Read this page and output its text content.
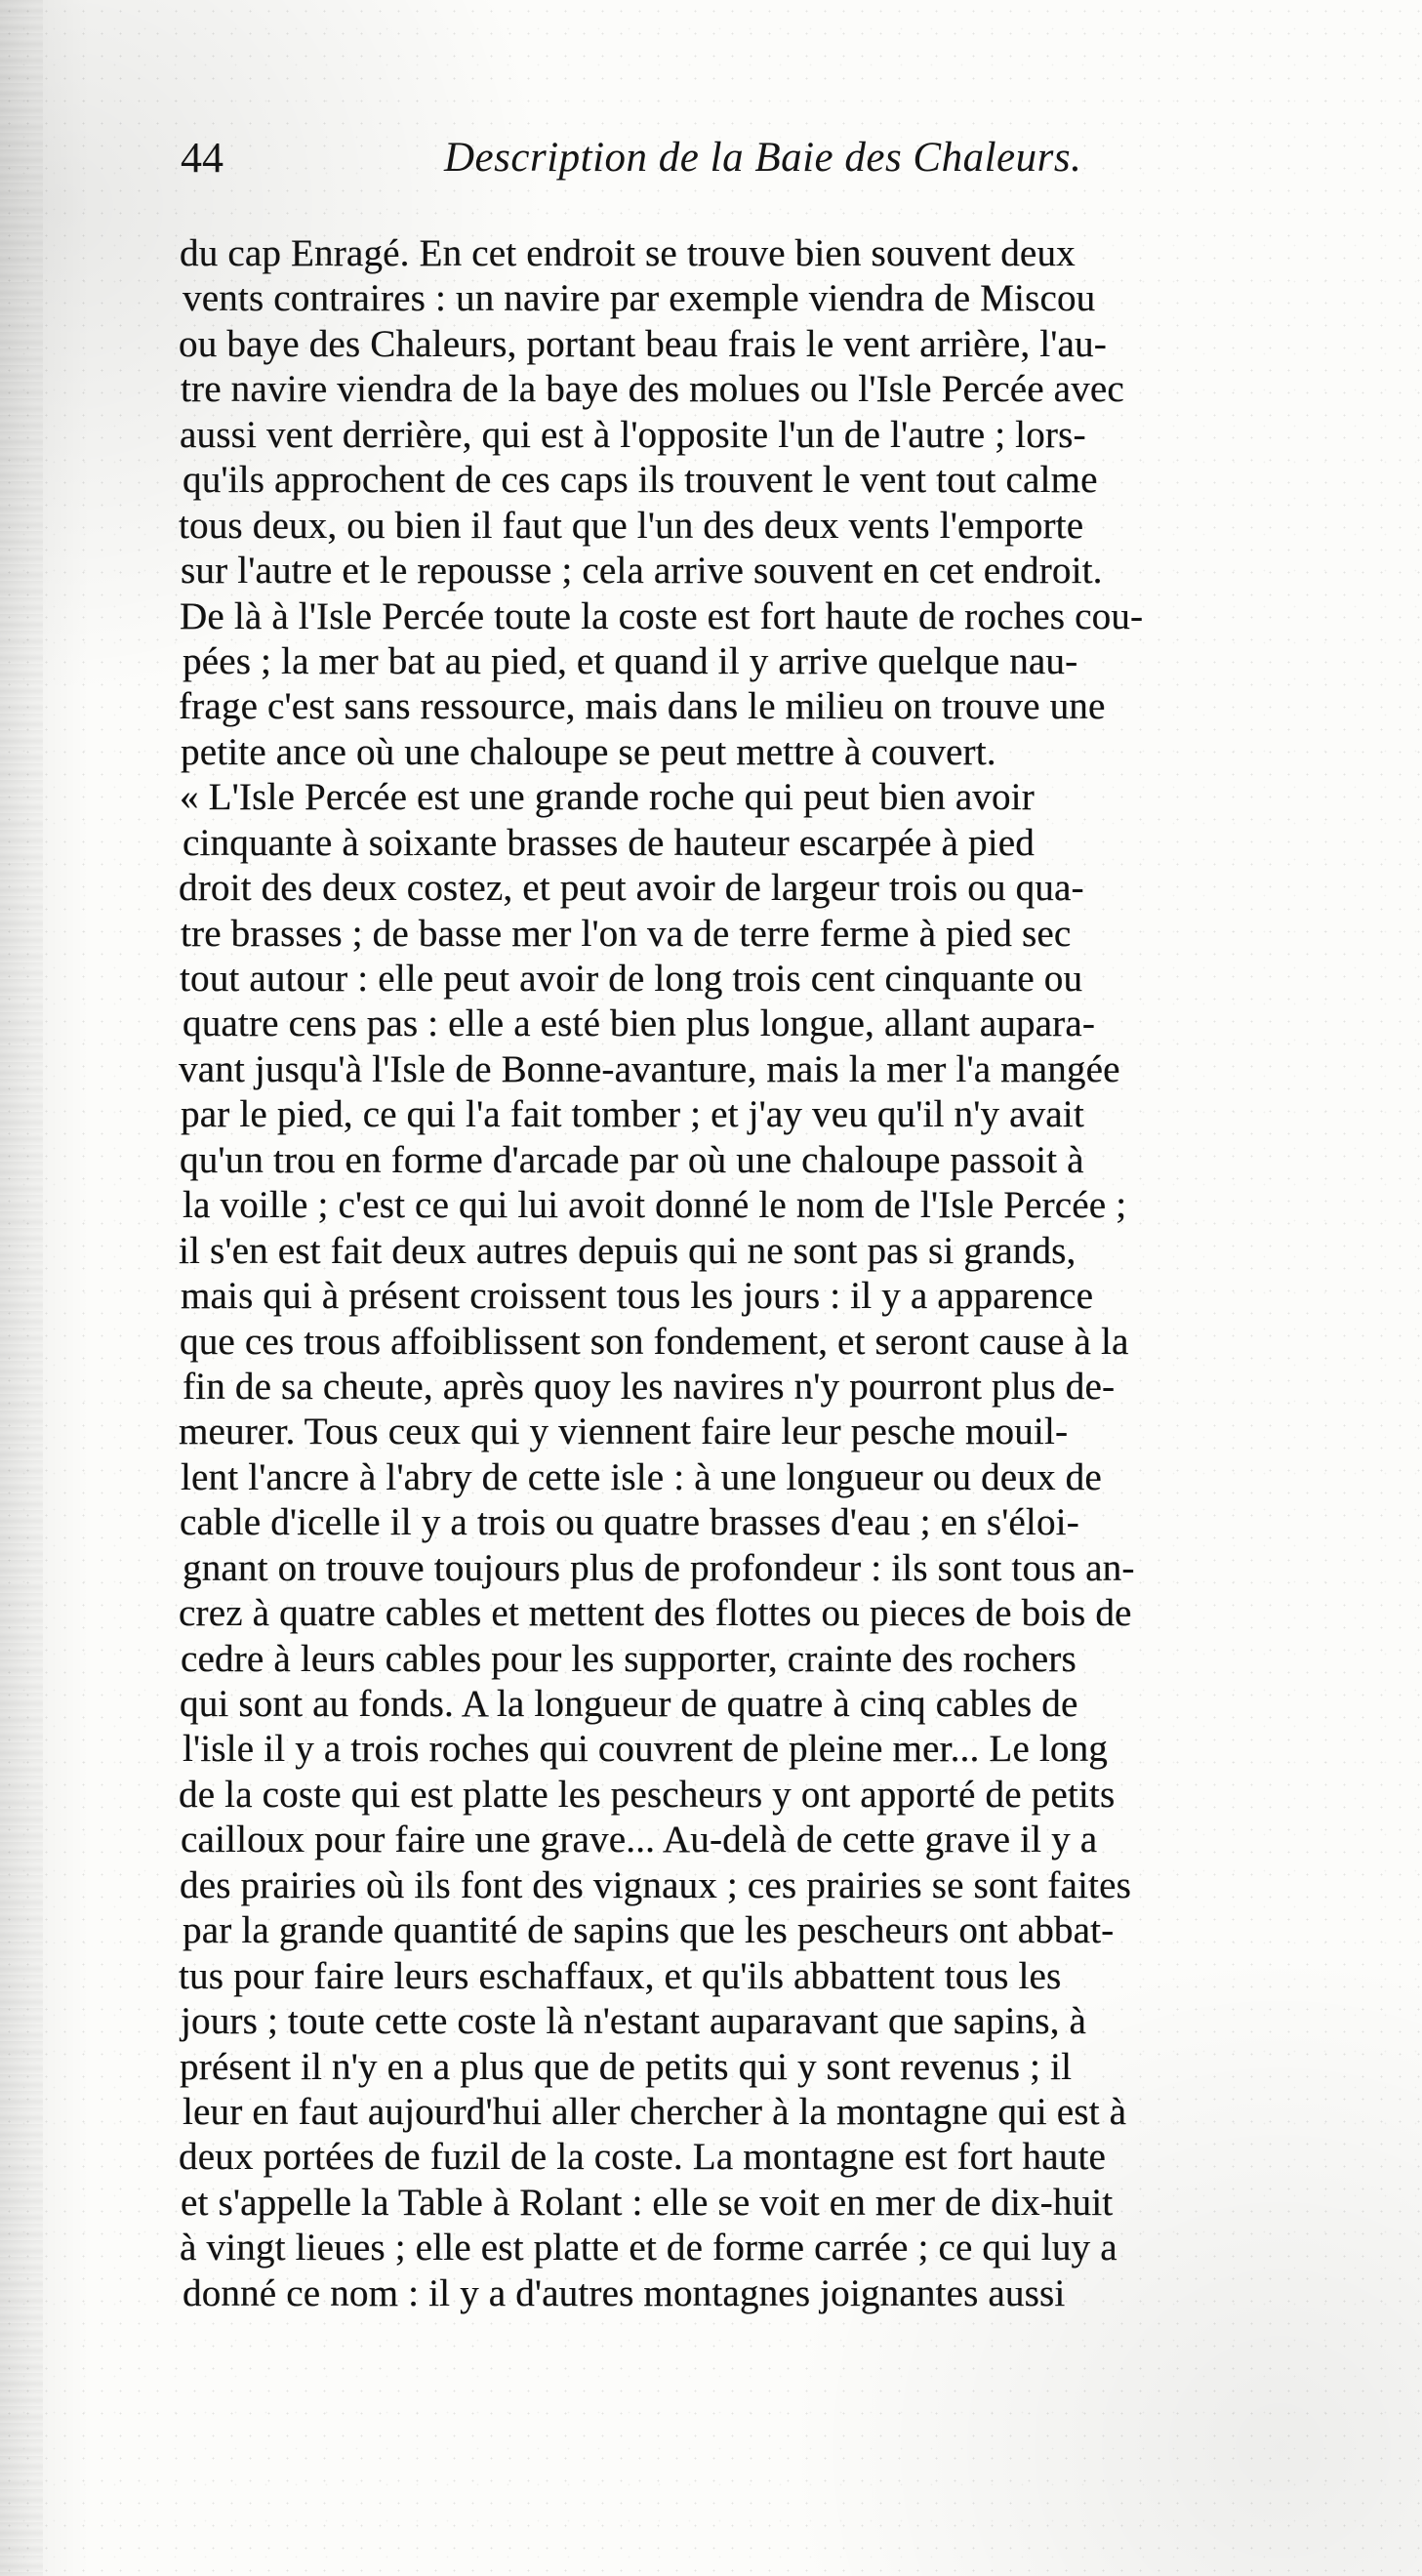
44	Description de la Baie des Chaleurs.
du cap Enragé. En cet endroit se trouve bien souvent deux
vents contraires : un navire par exemple viendra de Miscou
ou baye des Chaleurs, portant beau frais le vent arrière, l'au-
tre navire viendra de la baye des molues ou l'Isle Percée avec
aussi vent derrière, qui est à l'opposite l'un de l'autre ; lors-
qu'ils approchent de ces caps ils trouvent le vent tout calme
tous deux, ou bien il faut que l'un des deux vents l'emporte
sur l'autre et le repousse ; cela arrive souvent en cet endroit.
De là à l'Isle Percée toute la coste est fort haute de roches cou-
pées ; la mer bat au pied, et quand il y arrive quelque nau-
frage c'est sans ressource, mais dans le milieu on trouve une
petite ance où une chaloupe se peut mettre à couvert.
« L'Isle Percée est une grande roche qui peut bien avoir
cinquante à soixante brasses de hauteur escarpée à pied
droit des deux costez, et peut avoir de largeur trois ou qua-
tre brasses ; de basse mer l'on va de terre ferme à pied sec
tout autour : elle peut avoir de long trois cent cinquante ou
quatre cens pas : elle a esté bien plus longue, allant aupara-
vant jusqu'à l'Isle de Bonne-avanture, mais la mer l'a mangée
par le pied, ce qui l'a fait tomber ; et j'ay veu qu'il n'y avait
qu'un trou en forme d'arcade par où une chaloupe passoit à
la voille ; c'est ce qui lui avoit donné le nom de l'Isle Percée ;
il s'en est fait deux autres depuis qui ne sont pas si grands,
mais qui à présent croissent tous les jours : il y a apparence
que ces trous affoiblissent son fondement, et seront cause à la
fin de sa cheute, après quoy les navires n'y pourront plus de-
meurer. Tous ceux qui y viennent faire leur pesche mouil-
lent l'ancre à l'abry de cette isle : à une longueur ou deux de
cable d'icelle il y a trois ou quatre brasses d'eau ; en s'éloi-
gnant on trouve toujours plus de profondeur : ils sont tous an-
crez à quatre cables et mettent des flottes ou pieces de bois de
cedre à leurs cables pour les supporter, crainte des rochers
qui sont au fonds. A la longueur de quatre à cinq cables de
l'isle il y a trois roches qui couvrent de pleine mer... Le long
de la coste qui est platte les pescheurs y ont apporté de petits
cailloux pour faire une grave... Au-delà de cette grave il y a
des prairies où ils font des vignaux ; ces prairies se sont faites
par la grande quantité de sapins que les pescheurs ont abbat-
tus pour faire leurs eschaffaux, et qu'ils abbattent tous les
jours ; toute cette coste là n'estant auparavant que sapins, à
présent il n'y en a plus que de petits qui y sont revenus ; il
leur en faut aujourd'hui aller chercher à la montagne qui est à
deux portées de fuzil de la coste. La montagne est fort haute
et s'appelle la Table à Rolant : elle se voit en mer de dix-huit
à vingt lieues ; elle est platte et de forme carrée ; ce qui luy a
donné ce nom : il y a d'autres montagnes joignantes aussi
